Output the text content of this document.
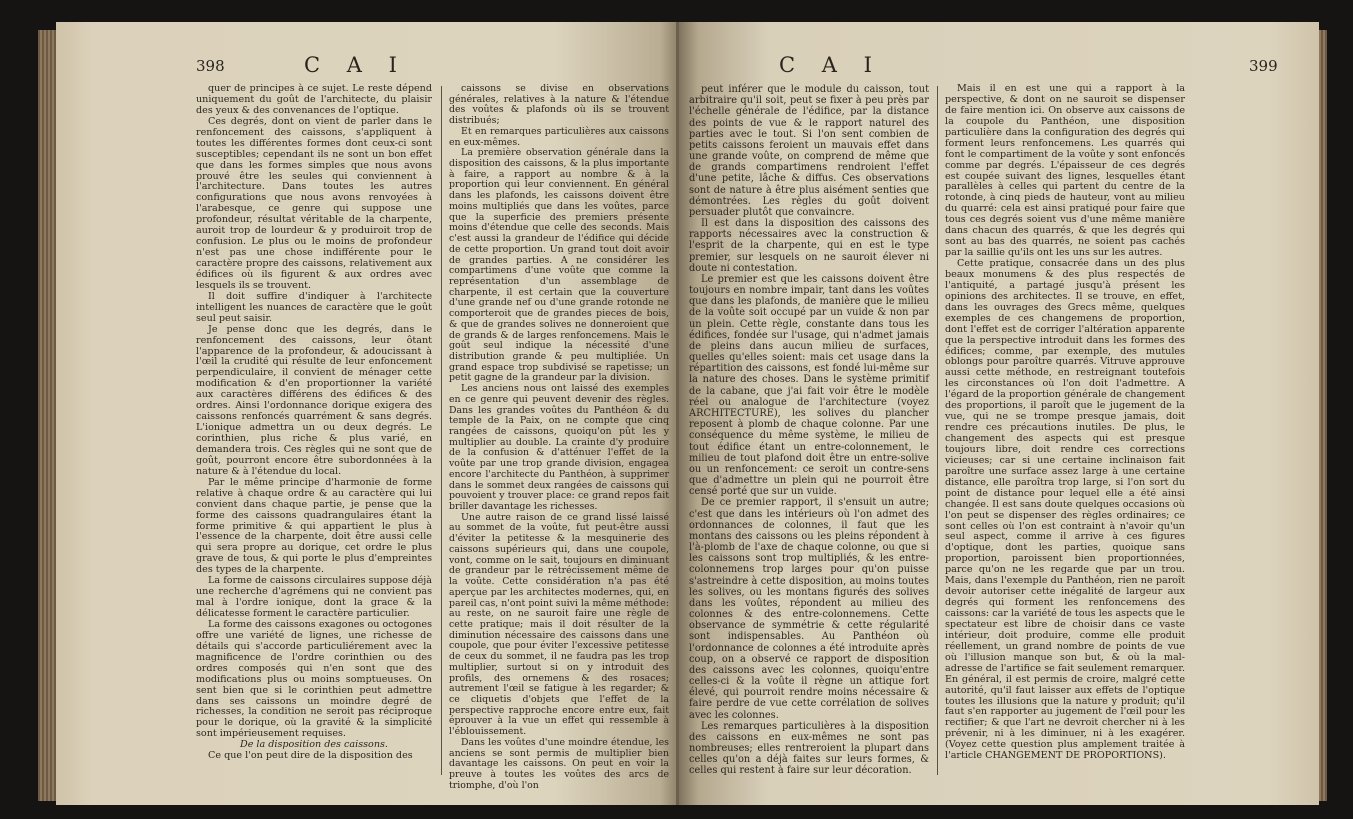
398	C A I

quer de principes à ce sujet. Le reste dépend uniquement du goût de l'architecte, du plaisir des yeux & des convenances de l'optique.

Ces degrés, dont on vient de parler dans le renfoncement des caissons, s'appliquent à toutes les différentes formes dont ceux-ci sont susceptibles; cependant ils ne sont un bon effet que dans les formes simples que nous avons prouvé être les seules qui conviennent à l'architecture. Dans toutes les autres configurations que nous avons renvoyées à l'arabesque, ce genre qui suppose une profondeur, résultat véritable de la charpente, auroit trop de lourdeur & y produiroit trop de confusion. Le plus ou le moins de profondeur n'est pas une chose indifférente pour le caractère propre des caissons, relativement aux édifices où ils figurent & aux ordres avec lesquels ils se trouvent.

Il doit suffire d'indiquer à l'architecte intelligent les nuances de caractère que le goût seul peut saisir.

Je pense donc que les degrés, dans le renfoncement des caissons, leur ôtant l'apparence de la profondeur, & adoucissant à l'œil la crudité qui résulte de leur enfoncement perpendiculaire, il convient de ménager cette modification & d'en proportionner la variété aux caractères différens des édifices & des ordres. Ainsi l'ordonnance dorique exigera des caissons renfoncés quarrément & sans degrés. L'ionique admettra un ou deux degrés. Le corinthien, plus riche & plus varié, en demandera trois. Ces règles qui ne sont que de goût, pourront encore être subordonnées à la nature & à l'étendue du local.

Par le même principe d'harmonie de forme relative à chaque ordre & au caractère qui lui convient dans chaque partie, je pense que la forme des caissons quadrangulaires étant la forme primitive & qui appartient le plus à l'essence de la charpente, doit être aussi celle qui sera propre au dorique, cet ordre le plus grave de tous, & qui porte le plus d'empreintes des types de la charpente.

La forme de caissons circulaires suppose déjà une recherche d'agrémens qui ne convient pas mal à l'ordre ionique, dont la grace & la délicatesse forment le caractère particulier.

La forme des caissons exagones ou octogones offre une variété de lignes, une richesse de détails qui s'accorde particuliérement avec la magnificence de l'ordre corinthien ou des ordres composés qui n'en sont que des modifications plus ou moins somptueuses. On sent bien que si le corinthien peut admettre dans ses caissons un moindre degré de richesses, la condition ne seroit pas réciproque pour le dorique, où la gravité & la simplicité sont impérieusement requises.

De la disposition des caissons.

Ce que l'on peut dire de la disposition des

caissons se divise en observations générales, relatives à la nature & l'étendue des voûtes & plafonds où ils se trouvent distribués;

Et en remarques particulières aux caissons en eux-mêmes.

La première observation générale dans la disposition des caissons, & la plus importante à faire, a rapport au nombre & à la proportion qui leur conviennent. En général dans les plafonds, les caissons doivent être moins multipliés que dans les voûtes, parce que la superficie des premiers présente moins d'étendue que celle des seconds. Mais c'est aussi la grandeur de l'édifice qui décide de cette proportion. Un grand tout doit avoir de grandes parties. A ne considérer les compartimens d'une voûte que comme la représentation d'un assemblage de charpente, il est certain que la couverture d'une grande nef ou d'une grande rotonde ne comporteroit que de grandes pieces de bois, & que de grandes solives ne donneroient que de grands & de larges renfoncemens. Mais le goût seul indique la nécessité d'une distribution grande & peu multipliée. Un grand espace trop subdivisé se rapetisse; un petit gagne de la grandeur par la division.

Les anciens nous ont laissé des exemples en ce genre qui peuvent devenir des règles. Dans les grandes voûtes du Panthéon & du temple de la Paix, on ne compte que cinq rangées de caissons, quoiqu'on pût les y multiplier au double. La crainte d'y produire de la confusion & d'atténuer l'effet de la voûte par une trop grande division, engagea encore l'architecte du Panthéon, à supprimer dans le sommet deux rangées de caissons qui pouvoient y trouver place: ce grand repos fait briller davantage les richesses.

Une autre raison de ce grand lissé laissé au sommet de la voûte, fut peut-être aussi d'éviter la petitesse & la mesquinerie des caissons supérieurs qui, dans une coupole, vont, comme on le sait, toujours en diminuant de grandeur par le rétrécissement même de la voûte. Cette considération n'a pas été aperçue par les architectes modernes, qui, en pareil cas, n'ont point suivi la même méthode: au reste, on ne sauroit faire une règle de cette pratique; mais il doit résulter de la diminution nécessaire des caissons dans une coupole, que pour éviter l'excessive petitesse de ceux du sommet, il ne faudra pas les trop multiplier, surtout si on y introduit des profils, des ornemens & des rosaces; autrement l'œil se fatigue à les regarder; & ce cliquetis d'objets que l'effet de la perspective rapproche encore entre eux, fait éprouver à la vue un effet qui ressemble à l'éblouissement.

Dans les voûtes d'une moindre étendue, les anciens se sont permis de multiplier bien davantage les caissons. On peut en voir la preuve à toutes les voûtes des arcs de triomphe, d'où l'on

C A I	399

peut inférer que le module du caisson, tout arbitraire qu'il soit, peut se fixer à peu près par l'échelle générale de l'édifice, par la distance des points de vue & le rapport naturel des parties avec le tout. Si l'on sent combien de petits caissons feroient un mauvais effet dans une grande voûte, on comprend de même que de grands compartimens rendroient l'effet d'une petite, lâche & diffus. Ces observations sont de nature à être plus aisément senties que démontrées. Les règles du goût doivent persuader plutôt que convaincre.

Il est dans la disposition des caissons des rapports nécessaires avec la construction & l'esprit de la charpente, qui en est le type premier, sur lesquels on ne sauroit élever ni doute ni contestation.

Le premier est que les caissons doivent être toujours en nombre impair, tant dans les voûtes que dans les plafonds, de manière que le milieu de la voûte soit occupé par un vuide & non par un plein. Cette règle, constante dans tous les édifices, fondée sur l'usage, qui n'admet jamais de pleins dans aucun milieu de surfaces, quelles qu'elles soient: mais cet usage dans la répartition des caissons, est fondé lui-même sur la nature des choses. Dans le système primitif de la cabane, que j'ai fait voir être le modèle réel ou analogue de l'architecture (voyez ARCHITECTURE), les solives du plancher reposent à plomb de chaque colonne. Par une conséquence du même système, le milieu de tout édifice étant un entre-colonnement, le milieu de tout plafond doit être un entre-solive ou un renfoncement: ce seroit un contre-sens que d'admettre un plein qui ne pourroit être censé porté que sur un vuide.

De ce premier rapport, il s'ensuit un autre; c'est que dans les intérieurs où l'on admet des ordonnances de colonnes, il faut que les montans des caissons ou les pleins répondent à l'à-plomb de l'axe de chaque colonne, ou que si les caissons sont trop multipliés, & les entre-colonnemens trop larges pour qu'on puisse s'astreindre à cette disposition, au moins toutes les solives, ou les montans figurés des solives dans les voûtes, répondent au milieu des colonnes & des entre-colonnemens. Cette observance de symmétrie & cette régularité sont indispensables. Au Panthéon où l'ordonnance de colonnes a été introduite après coup, on a observé ce rapport de disposition des caissons avec les colonnes, quoiqu'entre celles-ci & la voûte il règne un attique fort élevé, qui pourroit rendre moins nécessaire & faire perdre de vue cette corrélation de solives avec les colonnes.

Les remarques particulières à la disposition des caissons en eux-mêmes ne sont pas nombreuses; elles rentreroient la plupart dans celles qu'on a déjà faites sur leurs formes, & celles qui restent à faire sur leur décoration.

Mais il en est une qui a rapport à la perspective, & dont on ne sauroit se dispenser de faire mention ici. On observe aux caissons de la coupole du Panthéon, une disposition particulière dans la configuration des degrés qui forment leurs renfoncemens. Les quarrés qui font le compartiment de la voûte y sont enfoncés comme par degrés. L'épaisseur de ces degrés est coupée suivant des lignes, lesquelles étant parallèles à celles qui partent du centre de la rotonde, à cinq pieds de hauteur, vont au milieu du quarré: cela est ainsi pratiqué pour faire que tous ces degrés soient vus d'une même manière dans chacun des quarrés, & que les degrés qui sont au bas des quarrés, ne soient pas cachés par la saillie qu'ils ont les uns sur les autres.

Cette pratique, consacrée dans un des plus beaux monumens & des plus respectés de l'antiquité, a partagé jusqu'à présent les opinions des architectes. Il se trouve, en effet, dans les ouvrages des Grecs même, quelques exemples de ces changemens de proportion, dont l'effet est de corriger l'altération apparente que la perspective introduit dans les formes des édifices; comme, par exemple, des mutules oblongs pour paroître quarrés. Vitruve approuve aussi cette méthode, en restreignant toutefois les circonstances où l'on doit l'admettre. A l'égard de la proportion générale de changement des proportions, il paroît que le jugement de la vue, qui ne se trompe presque jamais, doit rendre ces précautions inutiles. De plus, le changement des aspects qui est presque toujours libre, doit rendre ces corrections vicieuses; car si une certaine inclinaison fait paroître une surface assez large à une certaine distance, elle paroîtra trop large, si l'on sort du point de distance pour lequel elle a été ainsi changée. Il est sans doute quelques occasions où l'on peut se dispenser des règles ordinaires; ce sont celles où l'on est contraint à n'avoir qu'un seul aspect, comme il arrive à ces figures d'optique, dont les parties, quoique sans proportion, paroissent bien proportionnées, parce qu'on ne les regarde que par un trou. Mais, dans l'exemple du Panthéon, rien ne paroît devoir autoriser cette inégalité de largeur aux degrés qui forment les renfoncemens des caissons: car la variété de tous les aspects que le spectateur est libre de choisir dans ce vaste intérieur, doit produire, comme elle produit réellement, un grand nombre de points de vue où l'illusion manque son but, & où la mal-adresse de l'artifice se fait seulement remarquer. En général, il est permis de croire, malgré cette autorité, qu'il faut laisser aux effets de l'optique toutes les illusions que la nature y produit; qu'il faut s'en rapporter au jugement de l'œil pour les rectifier; & que l'art ne devroit chercher ni à les prévenir, ni à les diminuer, ni à les exagérer. (Voyez cette question plus amplement traitée à l'article CHANGEMENT DE PROPORTIONS).
